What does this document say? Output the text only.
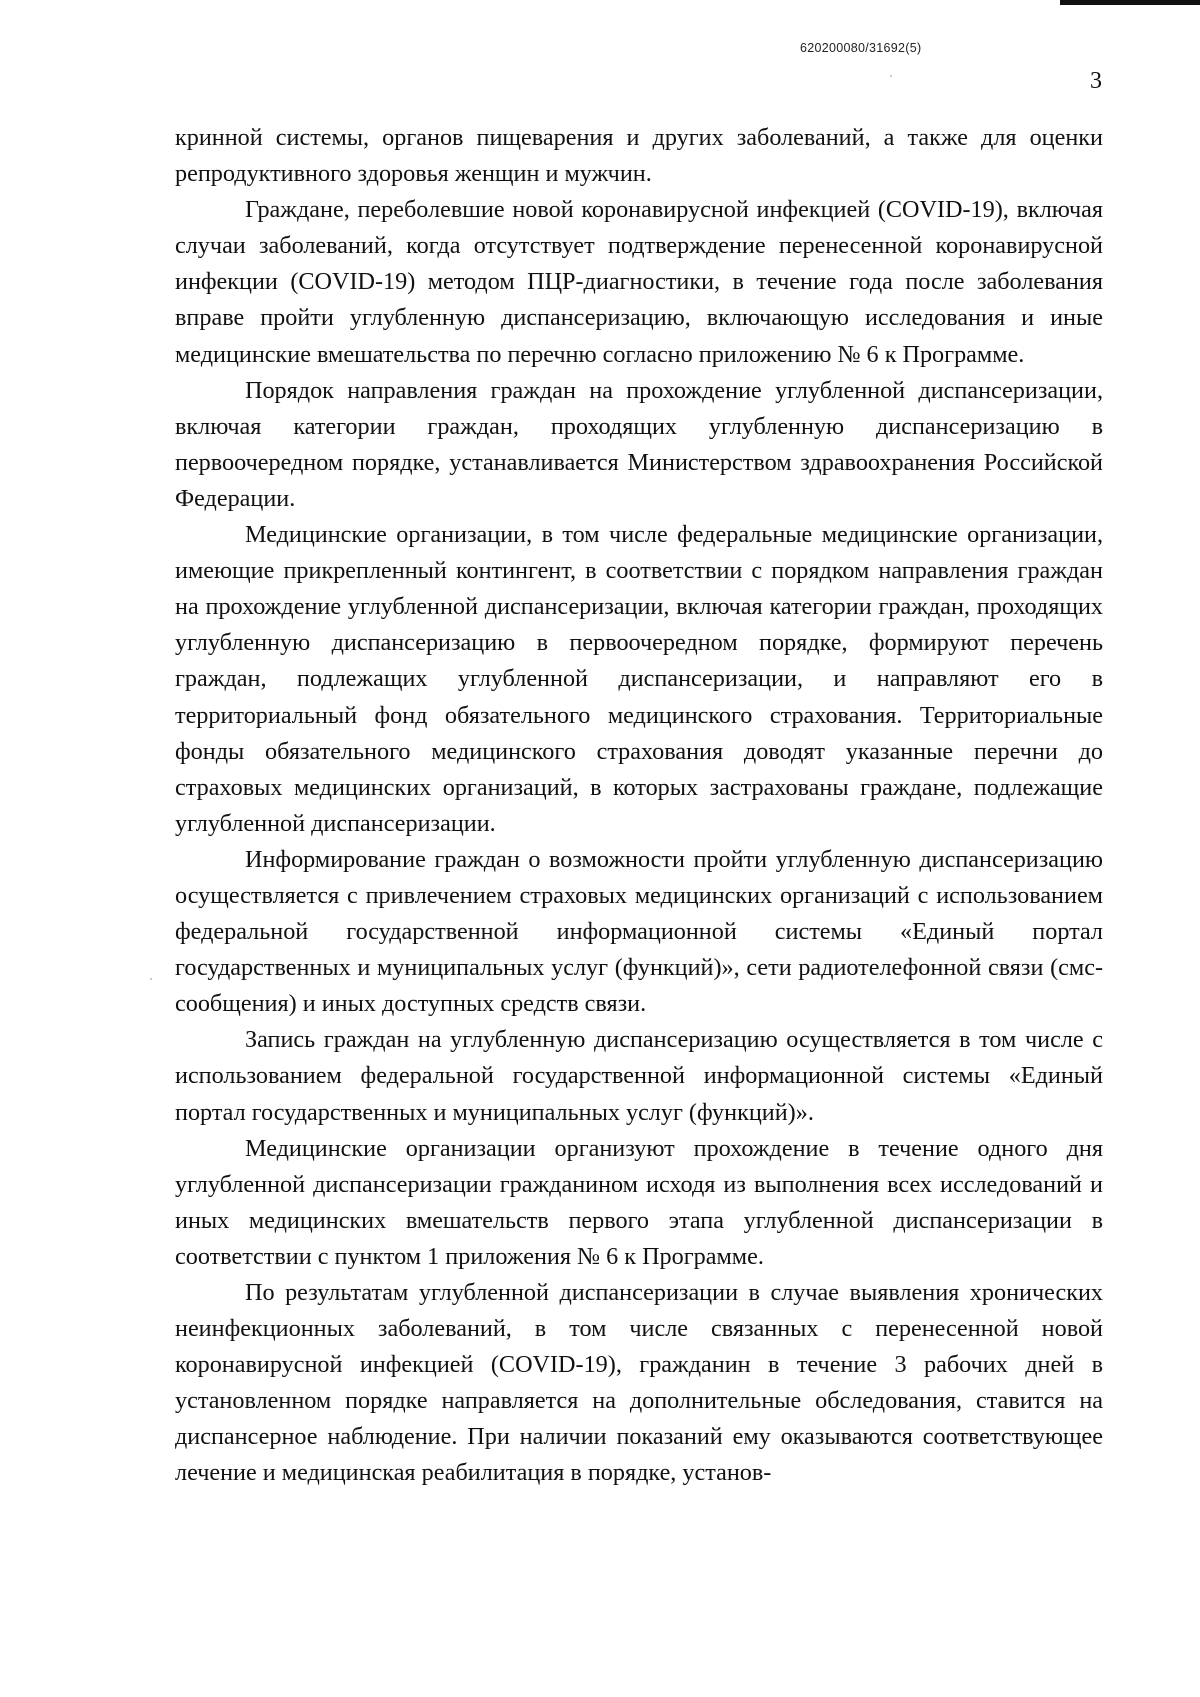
620200080/31692(5)
3

кринной системы, органов пищеварения и других заболеваний, а также для оценки репродуктивного здоровья женщин и мужчин.

Граждане, переболевшие новой коронавирусной инфекцией (COVID-19), включая случаи заболеваний, когда отсутствует подтверждение перенесенной коронавирусной инфекции (COVID-19) методом ПЦР-диагностики, в течение года после заболевания вправе пройти углубленную диспансеризацию, включающую исследования и иные медицинские вмешательства по перечню согласно приложению № 6 к Программе.

Порядок направления граждан на прохождение углубленной диспансеризации, включая категории граждан, проходящих углубленную диспансеризацию в первоочередном порядке, устанавливается Министерством здравоохранения Российской Федерации.

Медицинские организации, в том числе федеральные медицинские организации, имеющие прикрепленный контингент, в соответствии с порядком направления граждан на прохождение углубленной диспансеризации, включая категории граждан, проходящих углубленную диспансеризацию в первоочередном порядке, формируют перечень граждан, подлежащих углубленной диспансеризации, и направляют его в территориальный фонд обязательного медицинского страхования. Территориальные фонды обязательного медицинского страхования доводят указанные перечни до страховых медицинских организаций, в которых застрахованы граждане, подлежащие углубленной диспансеризации.

Информирование граждан о возможности пройти углубленную диспансеризацию осуществляется с привлечением страховых медицинских организаций с использованием федеральной государственной информационной системы «Единый портал государственных и муниципальных услуг (функций)», сети радиотелефонной связи (смс-сообщения) и иных доступных средств связи.

Запись граждан на углубленную диспансеризацию осуществляется в том числе с использованием федеральной государственной информационной системы «Единый портал государственных и муниципальных услуг (функций)».

Медицинские организации организуют прохождение в течение одного дня углубленной диспансеризации гражданином исходя из выполнения всех исследований и иных медицинских вмешательств первого этапа углубленной диспансеризации в соответствии с пунктом 1 приложения № 6 к Программе.

По результатам углубленной диспансеризации в случае выявления хронических неинфекционных заболеваний, в том числе связанных с перенесенной новой коронавирусной инфекцией (COVID-19), гражданин в течение 3 рабочих дней в установленном порядке направляется на дополнительные обследования, ставится на диспансерное наблюдение. При наличии показаний ему оказываются соответствующее лечение и медицинская реабилитация в порядке, установ-
